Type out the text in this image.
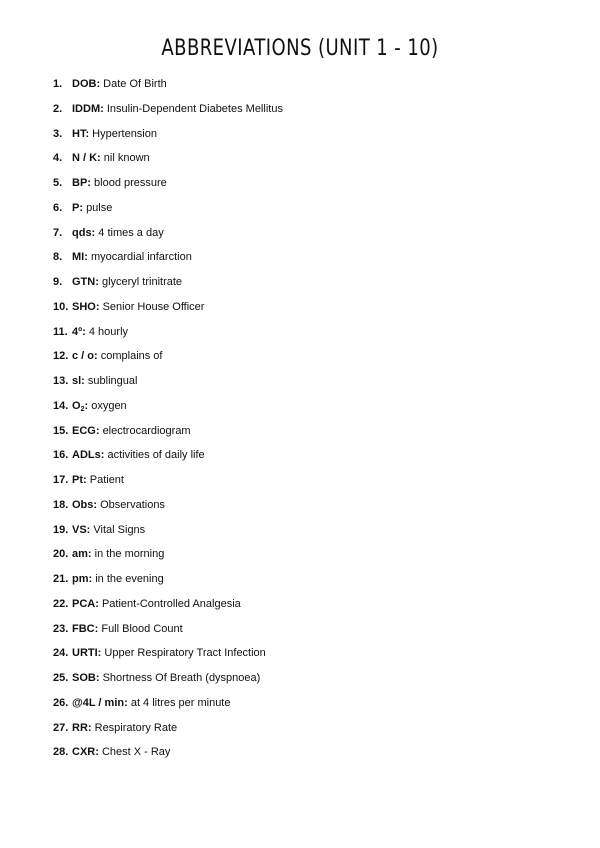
ABBREVIATIONS (UNIT 1 - 10)
1. DOB: Date Of Birth
2. IDDM: Insulin-Dependent Diabetes Mellitus
3. HT: Hypertension
4. N / K: nil known
5. BP: blood pressure
6. P: pulse
7. qds: 4 times a day
8. MI: myocardial infarction
9. GTN: glyceryl trinitrate
10. SHO: Senior House Officer
11. 4º: 4 hourly
12. c / o: complains of
13. sl: sublingual
14. $O_2$: oxygen
15. ECG: electrocardiogram
16. ADLs: activities of daily life
17. Pt: Patient
18. Obs: Observations
19. VS: Vital Signs
20. am: in the morning
21. pm: in the evening
22. PCA: Patient-Controlled Analgesia
23. FBC: Full Blood Count
24. URTI: Upper Respiratory Tract Infection
25. SOB: Shortness Of Breath (dyspnoea)
26. @4L / min: at 4 litres per minute
27. RR: Respiratory Rate
28. CXR: Chest X - Ray
